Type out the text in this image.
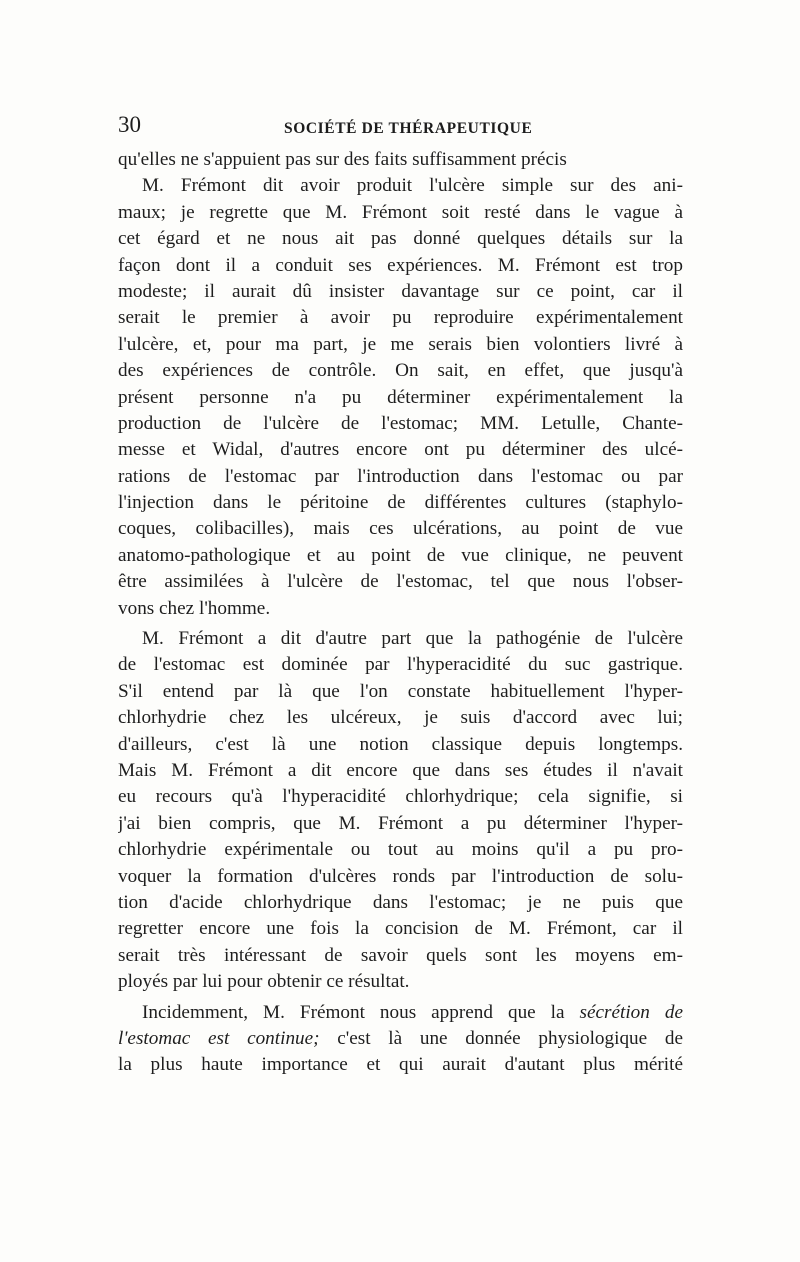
30	SOCIÉTÉ DE THÉRAPEUTIQUE
qu'elles ne s'appuient pas sur des faits suffisamment précis
M. Frémont dit avoir produit l'ulcère simple sur des ani-
maux; je regrette que M. Frémont soit resté dans le vague à
cet égard et ne nous ait pas donné quelques détails sur la
façon dont il a conduit ses expériences. M. Frémont est trop
modeste; il aurait dû insister davantage sur ce point, car il
serait le premier à avoir pu reproduire expérimentalement
l'ulcère, et, pour ma part, je me serais bien volontiers livré à
des expériences de contrôle. On sait, en effet, que jusqu'à
présent personne n'a pu déterminer expérimentalement la
production de l'ulcère de l'estomac; MM. Letulle, Chante-
messe et Widal, d'autres encore ont pu déterminer des ulcé-
rations de l'estomac par l'introduction dans l'estomac ou par
l'injection dans le péritoine de différentes cultures (staphylo-
coques, colibacilles), mais ces ulcérations, au point de vue
anatomo-pathologique et au point de vue clinique, ne peuvent
être assimilées à l'ulcère de l'estomac, tel que nous l'obser-
vons chez l'homme.
M. Frémont a dit d'autre part que la pathogénie de l'ulcère
de l'estomac est dominée par l'hyperacidité du suc gastrique.
S'il entend par là que l'on constate habituellement l'hyper-
chlorhydrie chez les ulcéreux, je suis d'accord avec lui;
d'ailleurs, c'est là une notion classique depuis longtemps.
Mais M. Frémont a dit encore que dans ses études il n'avait
eu recours qu'à l'hyperacidité chlorhydrique; cela signifie, si
j'ai bien compris, que M. Frémont a pu déterminer l'hyper-
chlorhydrie expérimentale ou tout au moins qu'il a pu pro-
voquer la formation d'ulcères ronds par l'introduction de solu-
tion d'acide chlorhydrique dans l'estomac; je ne puis que
regretter encore une fois la concision de M. Frémont, car il
serait très intéressant de savoir quels sont les moyens em-
ployés par lui pour obtenir ce résultat.
Incidemment, M. Frémont nous apprend que la sécrétion de
l'estomac est continue; c'est là une donnée physiologique de
la plus haute importance et qui aurait d'autant plus mérité
